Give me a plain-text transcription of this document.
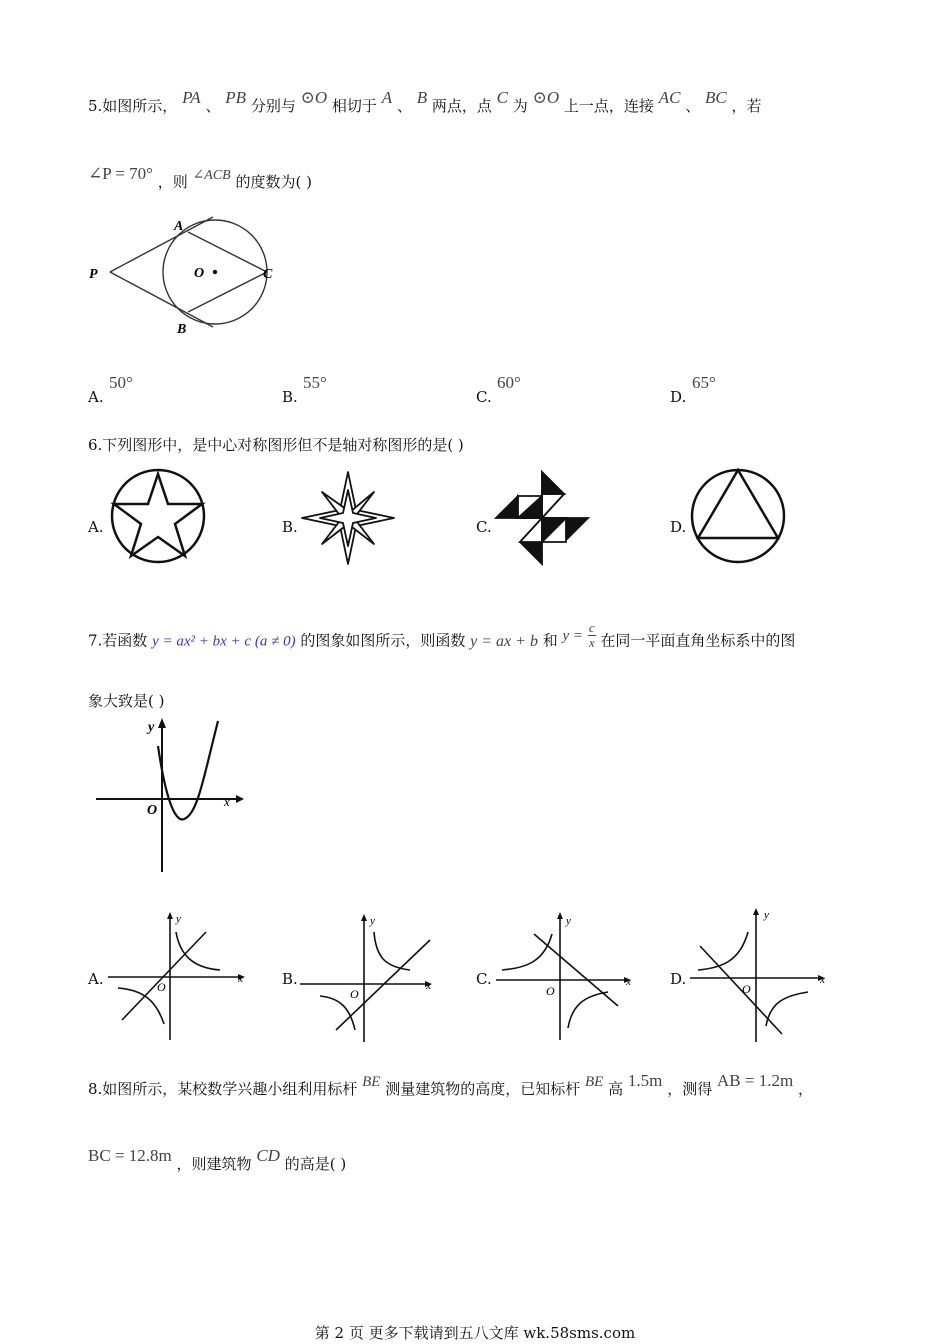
5.如图所示， PA 、 PB 分别与 ⊙O 相切于 A 、 B 两点，点 C 为 ⊙O 上一点，连接 AC 、 BC ，若
∠P = 70° ，则 ∠ACB 的度数为( )
P
A
O	C
B
A.
50°
B.
55°
C.
60°
D.
65°
6.下列图形中，是中心对称图形但不是轴对称图形的是( )
A.	B.	C.	D.
7.若函数 y = ax² + bx + c (a ≠ 0) 的图象如图所示，则函数 y = ax + b 和 $y = \frac{c}{x}$ 在同一平面直角坐标系中的图
象大致是( )
x
y
O
A.	B.	C.	D.
x
y
O	x
y
O
x
y
O
x
y
O
8.如图所示，某校数学兴趣小组利用标杆 BE 测量建筑物的高度，已知标杆 BE 高 1.5m ，测得 AB = 1.2m ，
BC = 12.8m ，则建筑物 CD 的高是( )
第 2 页 更多下载请到五八文库 wk.58sms.com
